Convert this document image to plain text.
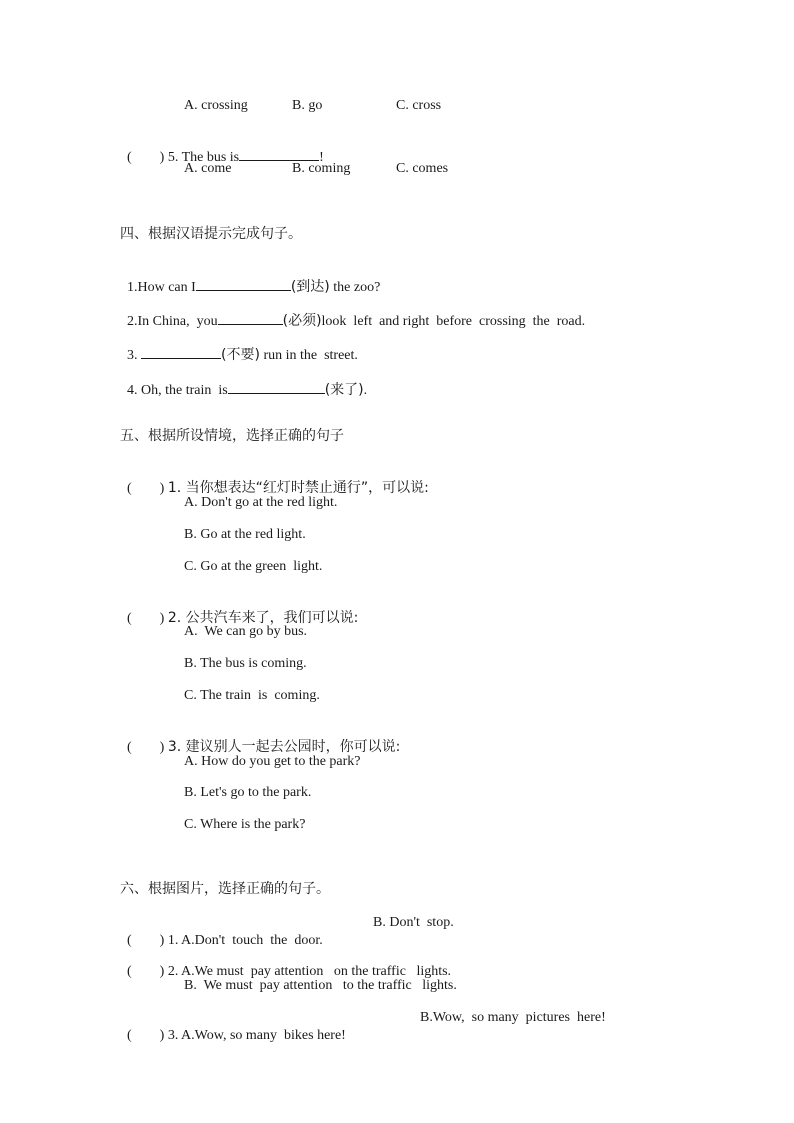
A. crossing	B. go	C. cross

(        ) 5. The bus is	!

A. come	B. coming	C. comes
四、根据汉语提示完成句子。

1.How can I	(到达) the zoo?

2.In China,  you	(必须)look  left  and right  before  crossing  the  road.

3.	(不要) run in the  street.

4. Oh, the train  is	(来了).

五、根据所设情境，选择正确的句子

(        ) 1. 当你想表达“红灯时禁止通行”，可以说:

A. Don't go at the red light.
B. Go at the red light.
C. Go at the green  light.

(        ) 2. 公共汽车来了，我们可以说:

A.  We can go by bus.
B. The bus is coming.
C. The train  is  coming.

(        ) 3. 建议别人一起去公园时，你可以说:

A. How do you get to the park?
B. Let's go to the park.
C. Where is the park?
六、根据图片，选择正确的句子。

(        ) 1. A.Don't  touch  the  door.

B. Don't  stop.

(        ) 2. A.We must  pay attention   on the traffic   lights.

B.  We must  pay attention   to the traffic   lights.

(        ) 3. A.Wow, so many  bikes here!

B.Wow,  so many  pictures  here!
